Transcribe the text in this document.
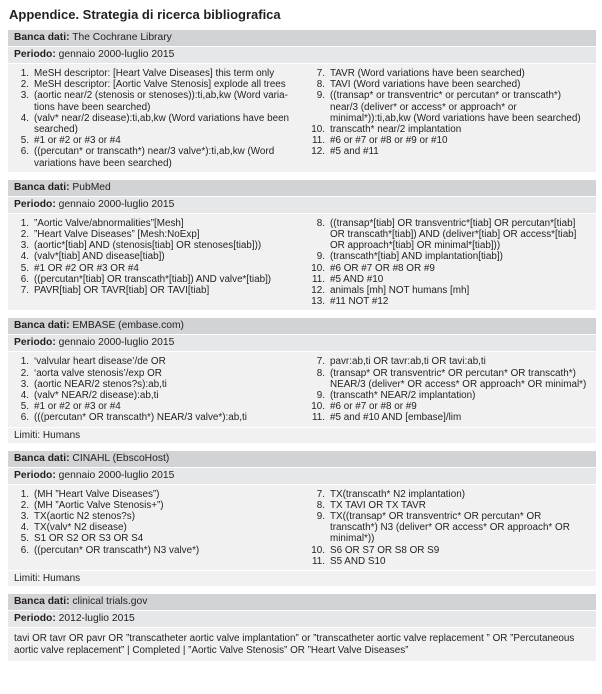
Appendice. Strategia di ricerca bibliografica
Banca dati: The Cochrane Library
Periodo: gennaio 2000-luglio 2015
1. MeSH descriptor: [Heart Valve Diseases] this term only
2. MeSH descriptor: [Aortic Valve Stenosis] explode all trees
3. (aortic near/2 (stenosis or stenoses)):ti,ab,kw (Word varia-tions have been searched)
4. (valv* near/2 disease):ti,ab,kw (Word variations have been searched)
5. #1 or #2 or #3 or #4
6. ((percutan* or transcath*) near/3 valve*):ti,ab,kw (Word variations have been searched)
7. TAVR (Word variations have been searched)
8. TAVI (Word variations have been searched)
9. ((transap* or transventric* or percutan* or transcath*) near/3 (deliver* or access* or approach* or minimal*)):ti,ab,kw (Word variations have been searched)
10. transcath* near/2 implantation
11. #6 or #7 or #8 or #9 or #10
12. #5 and #11
Banca dati: PubMed
Periodo: gennaio 2000-luglio 2015
1. ”Aortic Valve/abnormalities”[Mesh]
2. ”Heart Valve Diseases” [Mesh:NoExp]
3. (aortic*[tiab] AND (stenosis[tiab] OR stenoses[tiab]))
4. (valv*[tiab] AND disease[tiab])
5. #1 OR #2 OR #3 OR #4
6. ((percutan*[tiab] OR transcath*[tiab]) AND valve*[tiab])
7. PAVR[tiab] OR TAVR[tiab] OR TAVI[tiab]
8. ((transap*[tiab] OR transventric*[tiab] OR percutan*[tiab] OR transcath*[tiab]) AND (deliver*[tiab] OR access*[tiab] OR approach*[tiab] OR minimal*[tiab]))
9. (transcath*[tiab] AND implantation[tiab])
10. #6 OR #7 OR #8 OR #9
11. #5 AND #10
12. animals [mh] NOT humans [mh]
13. #11 NOT #12
Banca dati: EMBASE (embase.com)
Periodo: gennaio 2000-luglio 2015
1. ‘valvular heart disease’/de OR
2. ‘aorta valve stenosis’/exp OR
3. (aortic NEAR/2 stenos?s):ab,ti
4. (valv* NEAR/2 disease):ab,ti
5. #1 or #2 or #3 or #4
6. (((percutan* OR transcath*) NEAR/3 valve*):ab,ti
7. pavr:ab,ti OR tavr:ab,ti OR tavi:ab,ti
8. (transap* OR transventric* OR percutan* OR transcath*) NEAR/3 (deliver* OR access* OR approach* OR minimal*)
9. (transcath* NEAR/2 implantation)
10. #6 or #7 or #8 or #9
11. #5 and #10 AND [embase]/lim
Limiti: Humans
Banca dati: CINAHL (EbscoHost)
Periodo: gennaio 2000-luglio 2015
1. (MH ”Heart Valve Diseases”)
2. (MH ”Aortic Valve Stenosis+”)
3. TX(aortic N2 stenos?s)
4. TX(valv* N2 disease)
5. S1 OR S2 OR S3 OR S4
6. ((percutan* OR transcath*) N3 valve*)
7. TX(transcath* N2 implantation)
8. TX TAVI OR TX TAVR
9. TX((transap* OR transventric* OR percutan* OR transcath*) N3 (deliver* OR access* OR approach* OR minimal*))
10. S6 OR S7 OR S8 OR S9
11. S5 AND S10
Limiti: Humans
Banca dati: clinical trials.gov
Periodo: 2012-luglio 2015
tavi OR tavr OR pavr OR ”transcatheter aortic valve implantation” or ”transcatheter aortic valve replacement ” OR ”Percutaneous aortic valve replacement” | Completed | ”Aortic Valve Stenosis” OR ”Heart Valve Diseases”
